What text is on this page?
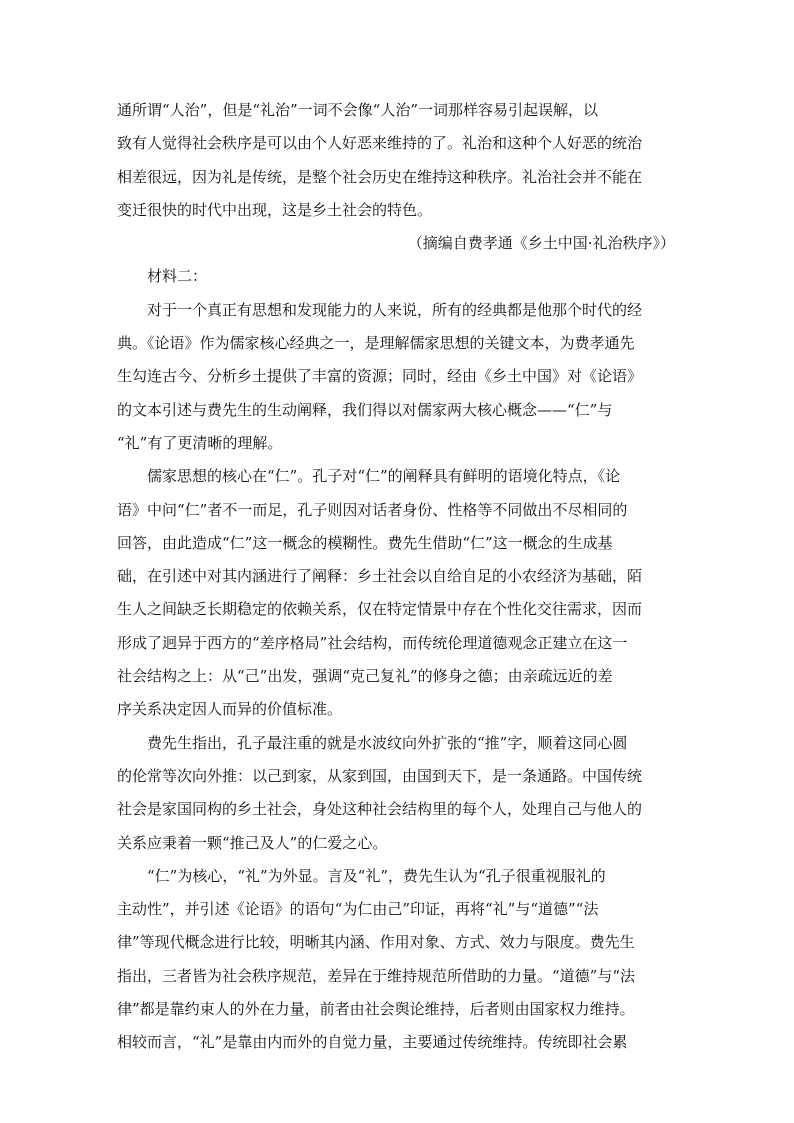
通所谓“人治”，但是“礼治”一词不会像“人治”一词那样容易引起误解，以
致有人觉得社会秩序是可以由个人好恶来维持的了。礼治和这种个人好恶的统治
相差很远，因为礼是传统，是整个社会历史在维持这种秩序。礼治社会并不能在
变迁很快的时代中出现，这是乡土社会的特色。

（摘编自费孝通《乡土中国·礼治秩序》）

材料二：

对于一个真正有思想和发现能力的人来说，所有的经典都是他那个时代的经
典。《论语》作为儒家核心经典之一，是理解儒家思想的关键文本，为费孝通先
生勾连古今、分析乡土提供了丰富的资源；同时，经由《乡土中国》对《论语》
的文本引述与费先生的生动阐释，我们得以对儒家两大核心概念——“仁”与
“礼”有了更清晰的理解。

儒家思想的核心在“仁”。孔子对“仁”的阐释具有鲜明的语境化特点，《论
语》中问“仁”者不一而足，孔子则因对话者身份、性格等不同做出不尽相同的
回答，由此造成“仁”这一概念的模糊性。费先生借助“仁”这一概念的生成基
础，在引述中对其内涵进行了阐释：乡土社会以自给自足的小农经济为基础，陌
生人之间缺乏长期稳定的依赖关系，仅在特定情景中存在个性化交往需求，因而
形成了迥异于西方的“差序格局”社会结构，而传统伦理道德观念正建立在这一
社会结构之上：从“己”出发，强调“克己复礼”的修身之德；由亲疏远近的差
序关系决定因人而异的价值标准。

费先生指出，孔子最注重的就是水波纹向外扩张的“推”字，顺着这同心圆
的伦常等次向外推：以己到家，从家到国，由国到天下，是一条通路。中国传统
社会是家国同构的乡土社会，身处这种社会结构里的每个人，处理自己与他人的
关系应秉着一颗“推己及人”的仁爱之心。

“仁”为核心，“礼”为外显。言及“礼”，费先生认为“孔子很重视服礼的
主动性”，并引述《论语》的语句“为仁由己”印证，再将“礼”与“道德”“法
律”等现代概念进行比较，明晰其内涵、作用对象、方式、效力与限度。费先生
指出，三者皆为社会秩序规范，差异在于维持规范所借助的力量。“道德”与“法
律”都是靠约束人的外在力量，前者由社会舆论维持，后者则由国家权力维持。
相较而言，“礼”是靠由内而外的自觉力量，主要通过传统维持。传统即社会累
